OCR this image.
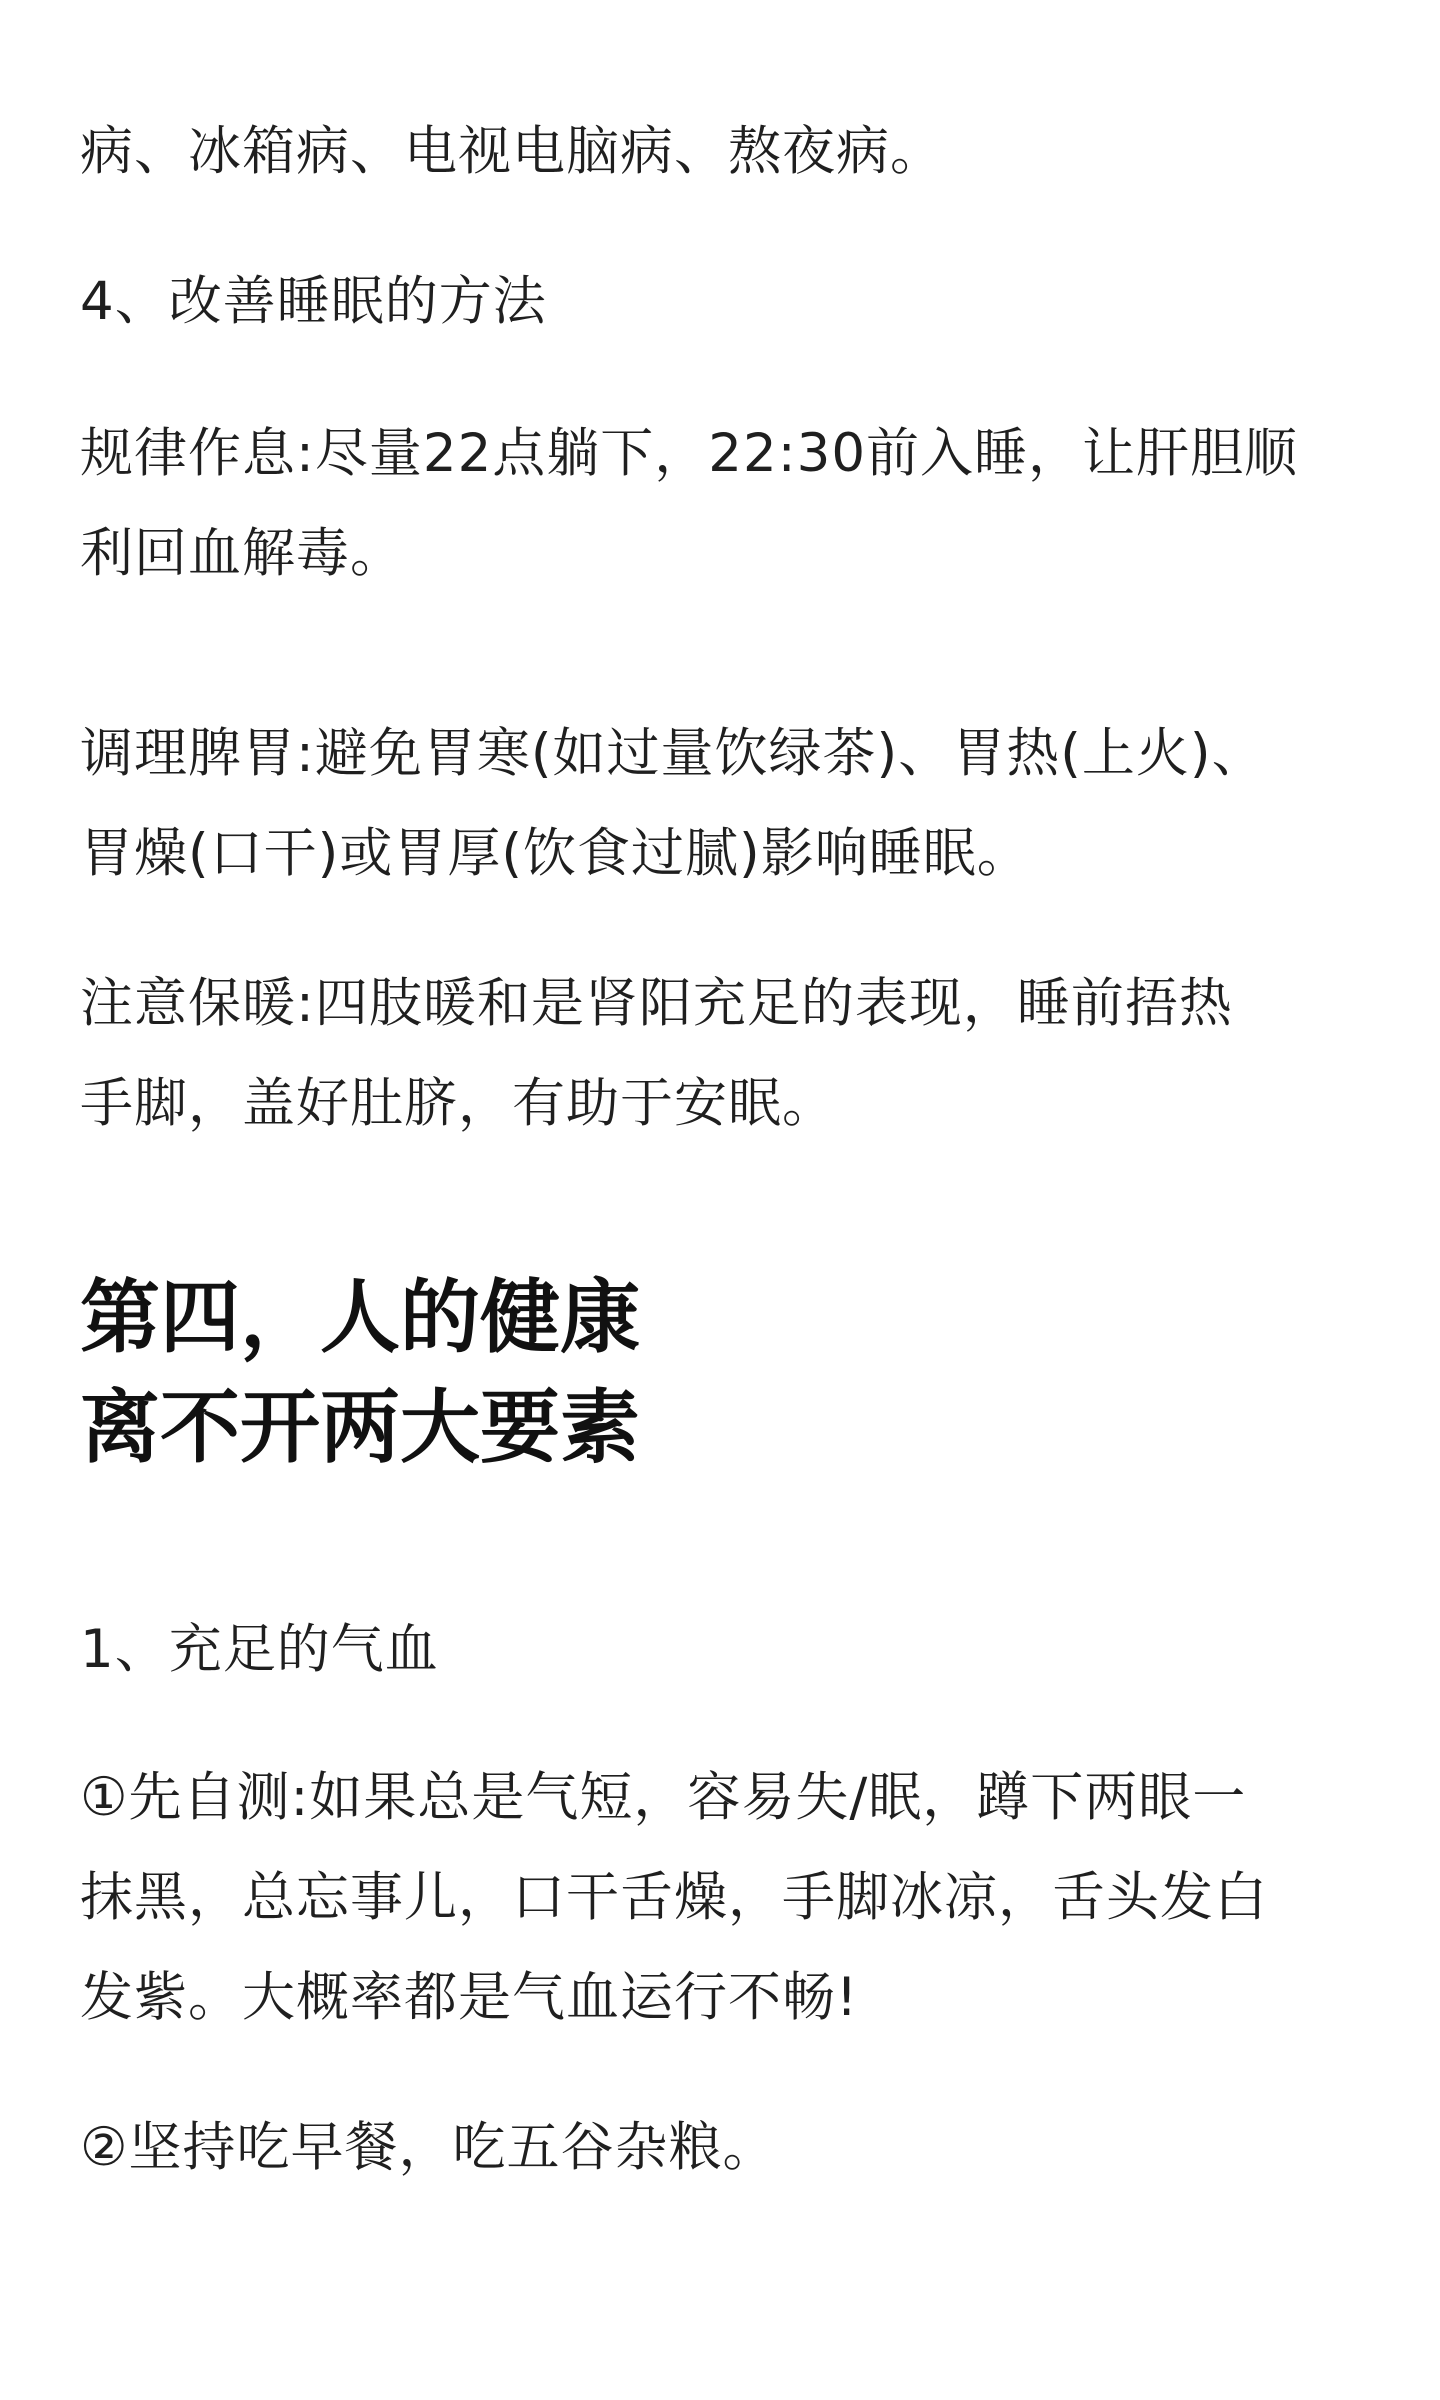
病、冰箱病、电视电脑病、熬夜病。

4、改善睡眠的方法

规律作息:尽量22点躺下，22:30前入睡，让肝胆顺

利回血解毒。

调理脾胃:避免胃寒(如过量饮绿茶)、胃热(上火)、

胃燥(口干)或胃厚(饮食过腻)影响睡眠。

注意保暖:四肢暖和是肾阳充足的表现，睡前捂热

手脚，盖好肚脐，有助于安眠。

第四，人的健康
离不开两大要素

1、充足的气血

①先自测:如果总是气短，容易失/眠，蹲下两眼一

抹黑，总忘事儿，口干舌燥，手脚冰凉，舌头发白

发紫。大概率都是气血运行不畅!

②坚持吃早餐，吃五谷杂粮。
